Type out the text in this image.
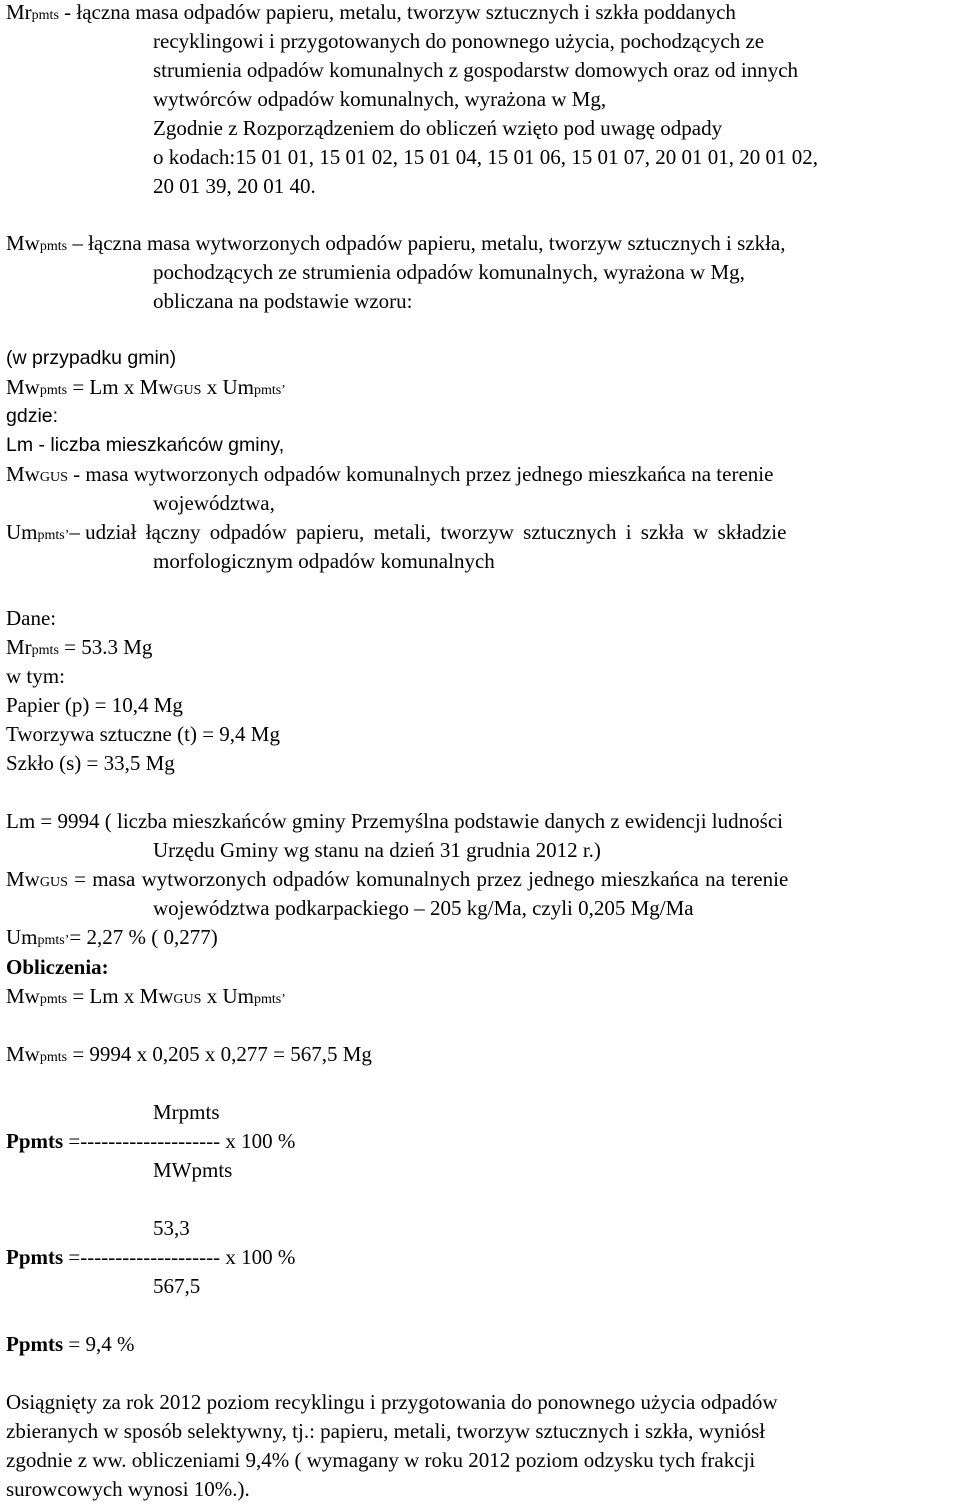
Mrpmts - łączna masa odpadów papieru, metalu, tworzyw sztucznych i szkła poddanych
recyklingowi i przygotowanych do ponownego użycia, pochodzących ze
strumienia odpadów komunalnych z gospodarstw domowych oraz od innych
wytwórców odpadów komunalnych, wyrażona w Mg,
Zgodnie z Rozporządzeniem do obliczeń wzięto pod uwagę odpady
o kodach:15 01 01, 15 01 02, 15 01 04, 15 01 06, 15 01 07, 20 01 01, 20 01 02,
20 01 39, 20 01 40.
Mwpmts – łączna masa wytworzonych odpadów papieru, metalu, tworzyw sztucznych i szkła,
pochodzących ze strumienia odpadów komunalnych, wyrażona w Mg,
obliczana na podstawie wzoru:
(w przypadku gmin)
Mwpmts = Lm x MwGUS x Umpmts’
gdzie:
Lm - liczba mieszkańców gminy,
MwGUS - masa wytworzonych odpadów komunalnych przez jednego mieszkańca na terenie
województwa,
Umpmts’– udział łączny odpadów papieru, metali, tworzyw sztucznych i szkła w składzie
morfologicznym odpadów komunalnych
Dane:
Mrpmts = 53.3 Mg
w tym:
Papier (p) = 10,4 Mg
Tworzywa sztuczne (t) = 9,4 Mg
Szkło (s) = 33,5 Mg
Lm = 9994 ( liczba mieszkańców gminy Przemyślna podstawie danych z ewidencji ludności
Urzędu Gminy wg stanu na dzień 31 grudnia 2012 r.)
MwGUS = masa wytworzonych odpadów komunalnych przez jednego mieszkańca na terenie
województwa podkarpackiego – 205 kg/Ma, czyli 0,205 Mg/Ma
Umpmts’= 2,27 % ( 0,277)
Obliczenia:
Mwpmts = Lm x MwGUS x Umpmts’
Mwpmts = 9994 x 0,205 x 0,277 = 567,5 Mg
Mrpmts
Ppmts =-------------------- x 100 %
MWpmts
53,3
Ppmts =-------------------- x 100 %
567,5
Ppmts = 9,4 %
Osiągnięty za rok 2012 poziom recyklingu i przygotowania do ponownego użycia odpadów
zbieranych w sposób selektywny, tj.: papieru, metali, tworzyw sztucznych i szkła, wyniósł
zgodnie z ww. obliczeniami 9,4% ( wymagany w roku 2012 poziom odzysku tych frakcji
surowcowych wynosi 10%.).
